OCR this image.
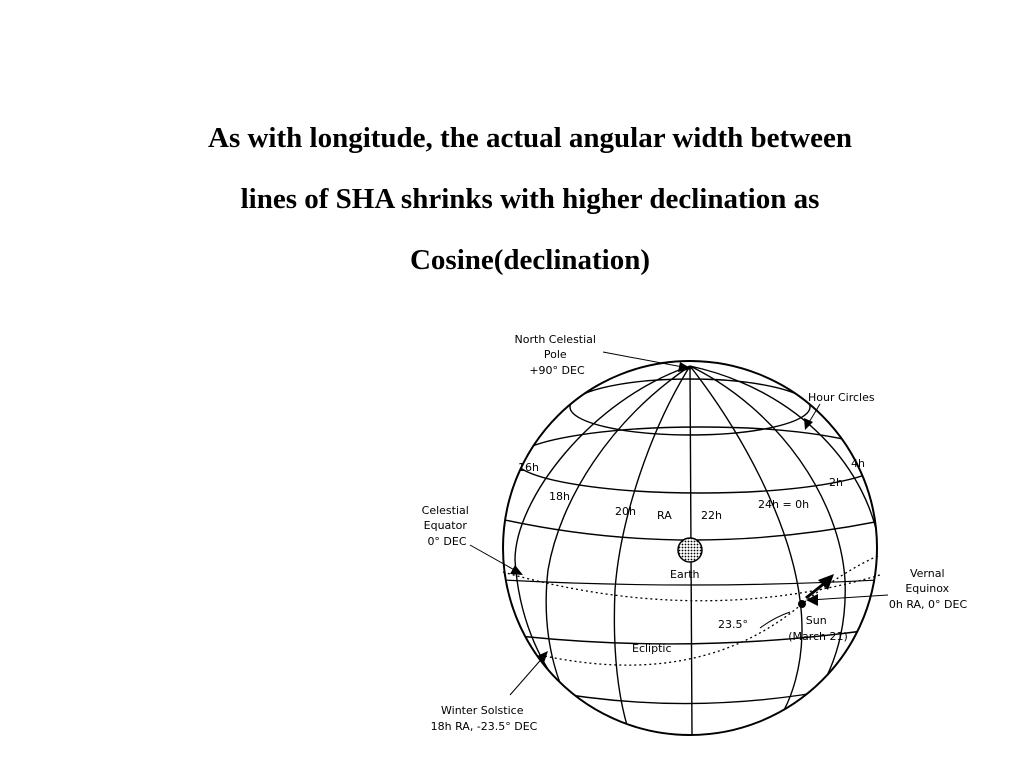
As with longitude, the actual angular width between
lines of SHA shrinks with higher declination as
Cosine(declination)
North Celestial Pole +90° DEC
Hour Circles
Celestial Equator 0° DEC
Vernal Equinox 0h RA, 0° DEC
Winter Solstice 18h RA, -23.5° DEC
Sun (March 21)
Earth
Ecliptic
RA
23.5°
16h
18h
20h	22h
24h = 0h
2h
4h
